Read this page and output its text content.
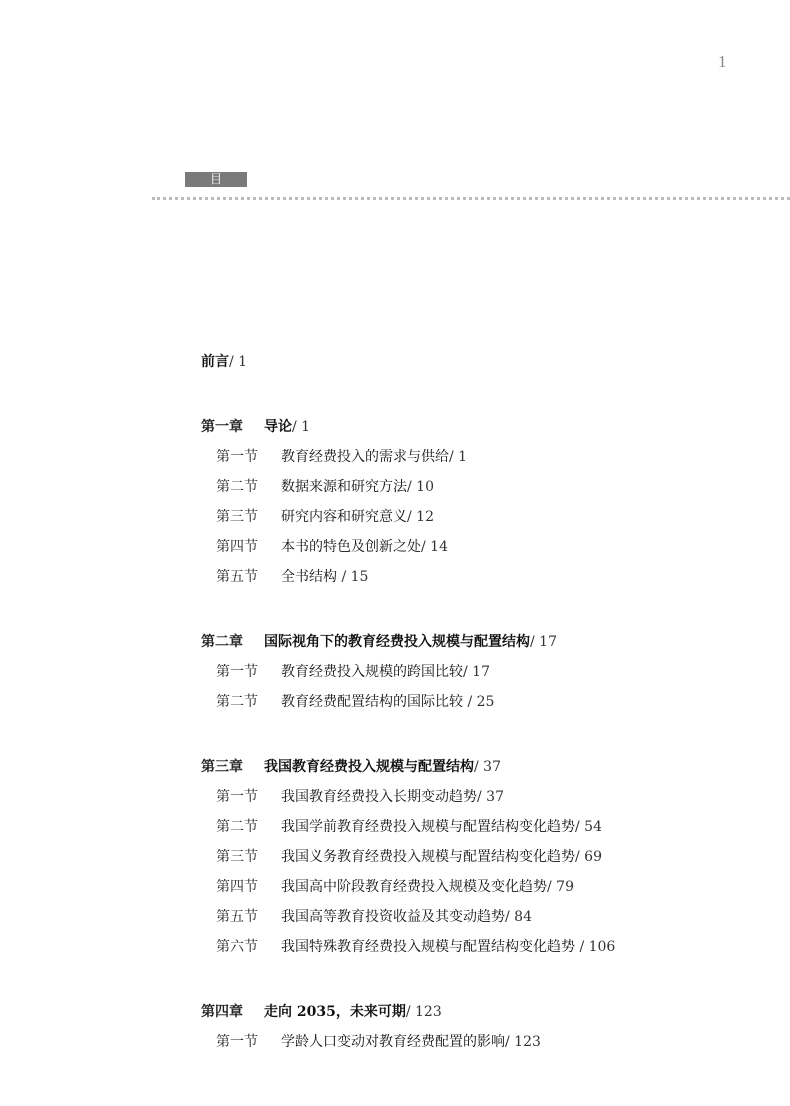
1
目 录
前言/ 1
第一章 导论/ 1
第一节 教育经费投入的需求与供给/ 1
第二节 数据来源和研究方法/ 10
第三节 研究内容和研究意义/ 12
第四节 本书的特色及创新之处/ 14
第五节 全书结构 / 15
第二章 国际视角下的教育经费投入规模与配置结构/ 17
第一节 教育经费投入规模的跨国比较/ 17
第二节 教育经费配置结构的国际比较 / 25
第三章 我国教育经费投入规模与配置结构/ 37
第一节 我国教育经费投入长期变动趋势/ 37
第二节 我国学前教育经费投入规模与配置结构变化趋势/ 54
第三节 我国义务教育经费投入规模与配置结构变化趋势/ 69
第四节 我国高中阶段教育经费投入规模及变化趋势/ 79
第五节 我国高等教育投资收益及其变动趋势/ 84
第六节 我国特殊教育经费投入规模与配置结构变化趋势 / 106
第四章 走向 2035，未来可期/ 123
第一节 学龄人口变动对教育经费配置的影响/ 123
